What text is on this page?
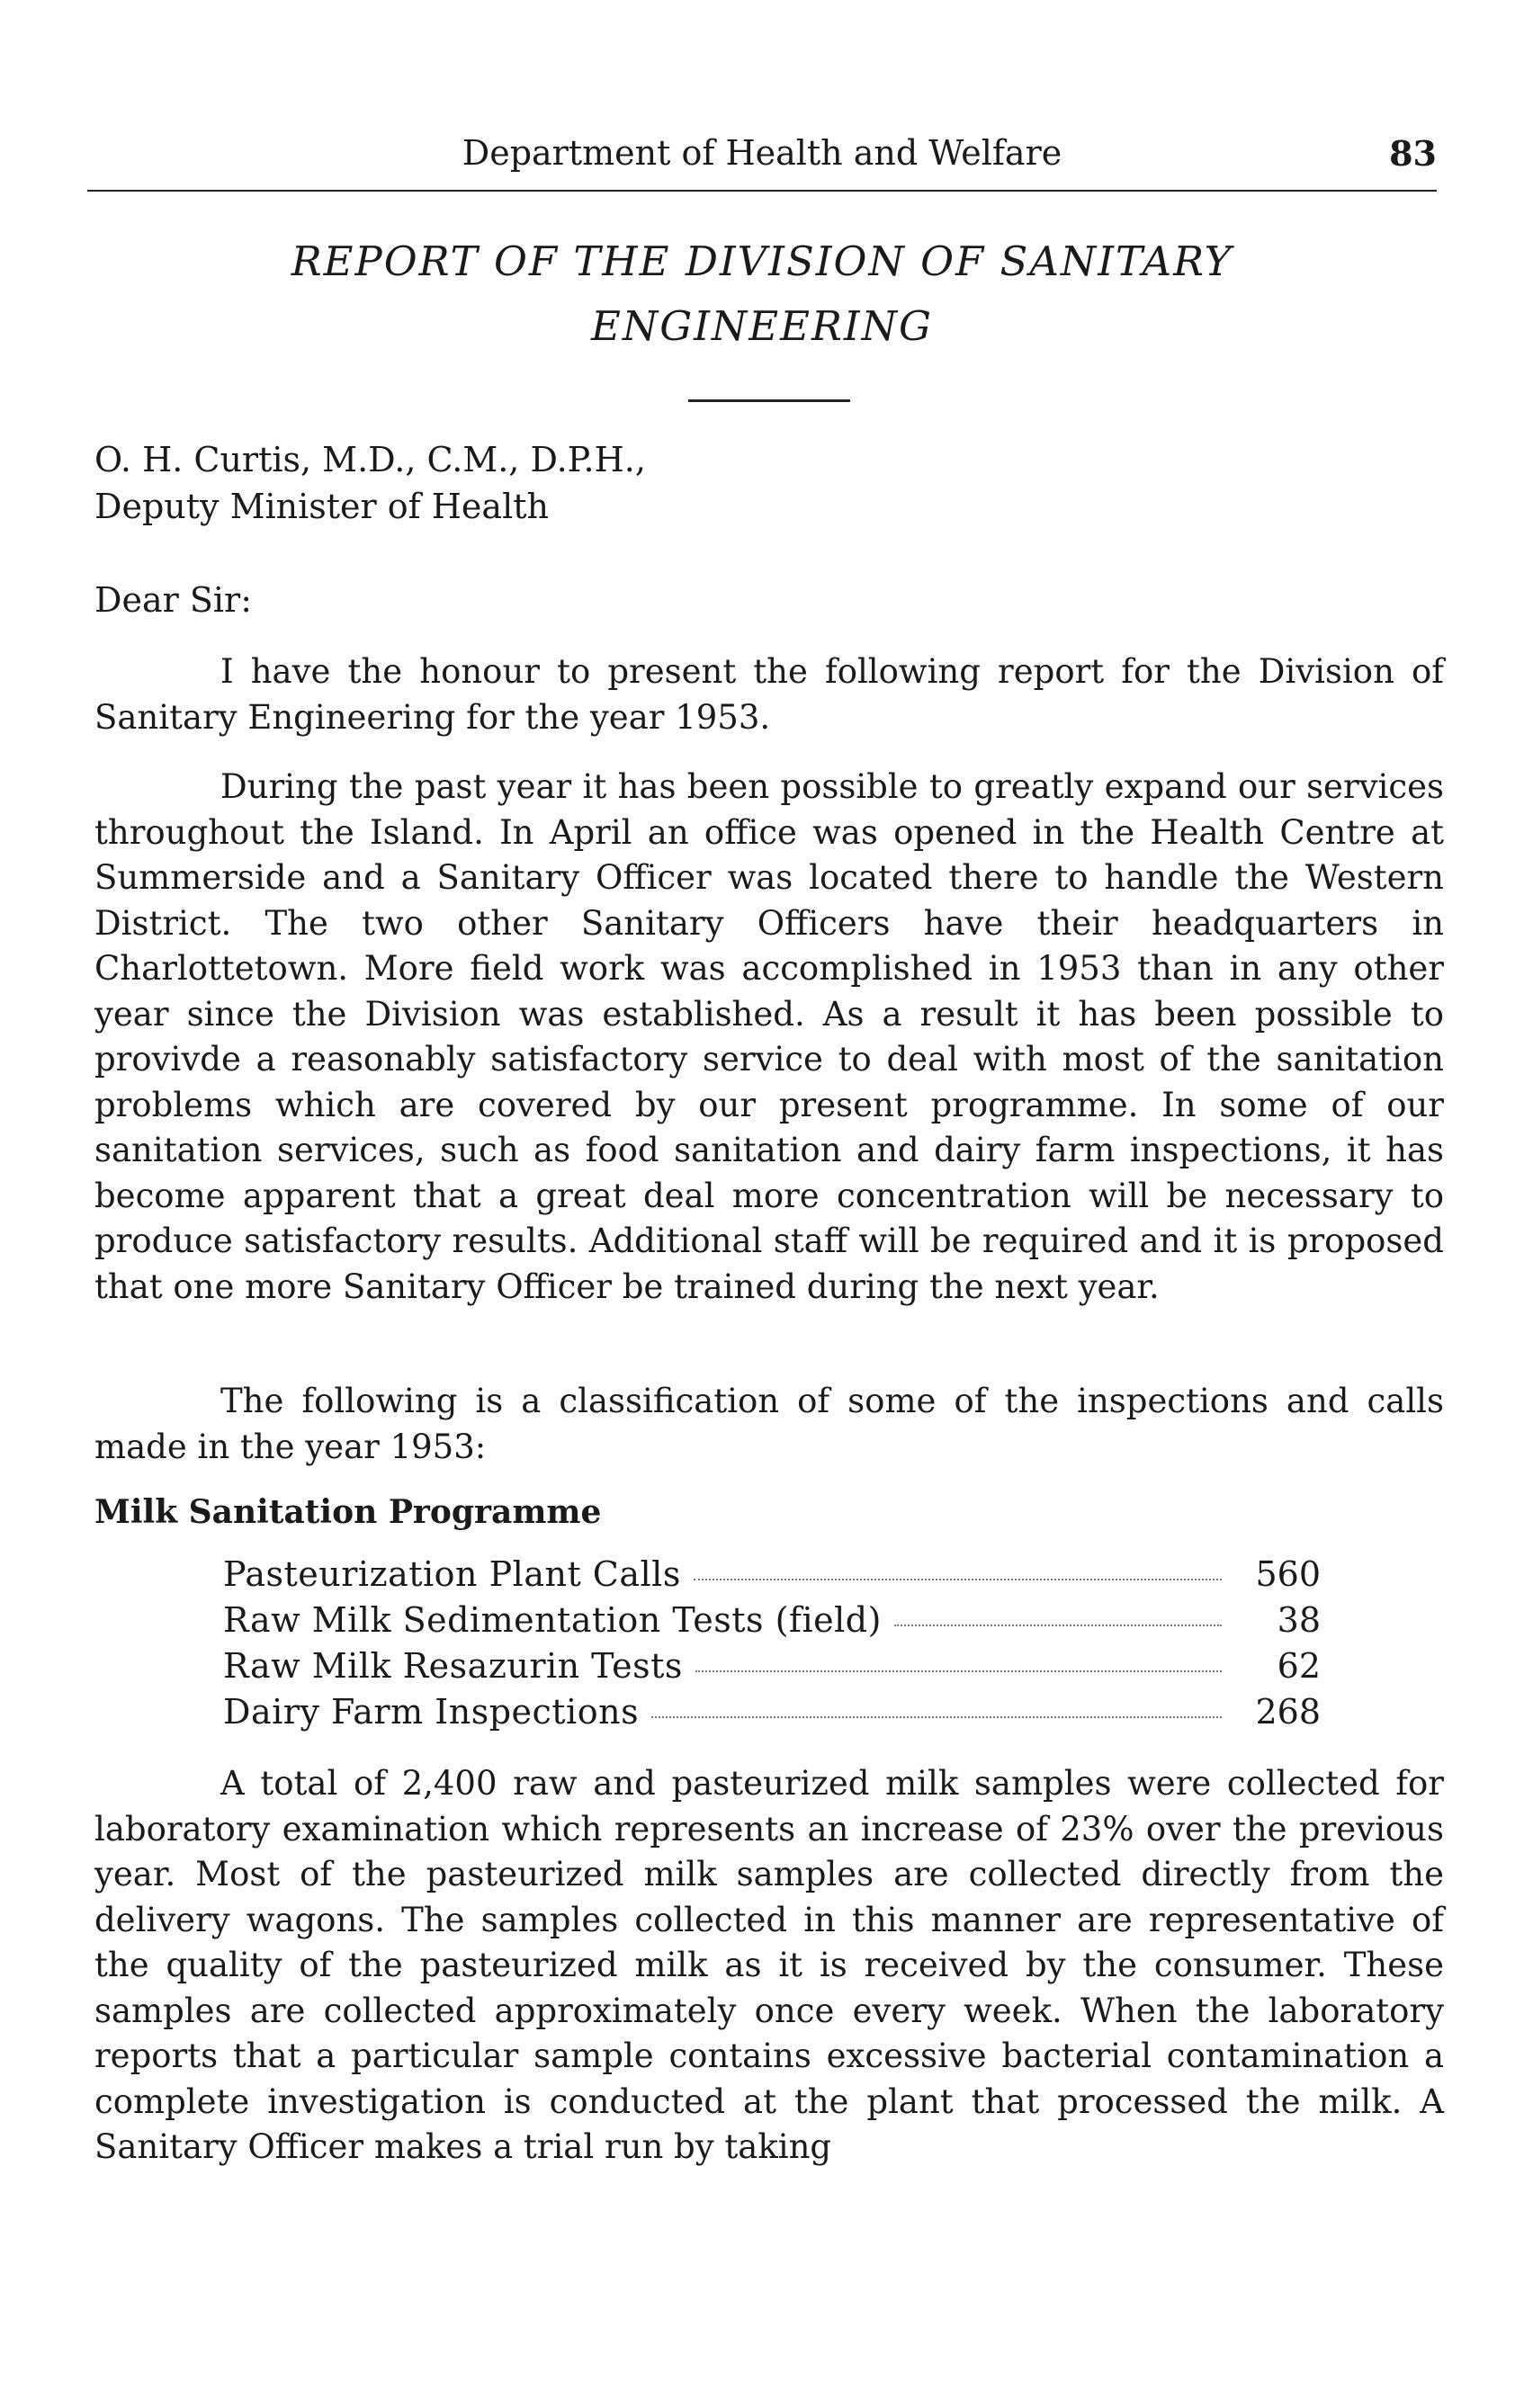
Department of Health and Welfare	83
REPORT OF THE DIVISION OF SANITARY
ENGINEERING
O. H. Curtis, M.D., C.M., D.P.H.,
Deputy Minister of Health
Dear Sir:

I have the honour to present the following report for the Division of Sanitary Engineering for the year 1953.

During the past year it has been possible to greatly expand our services throughout the Island. In April an office was opened in the Health Centre at Summerside and a Sanitary Officer was located there to handle the Western District. The two other Sanitary Officers have their headquarters in Charlottetown. More field work was accomplished in 1953 than in any other year since the Division was established. As a result it has been possible to provivde a reasonably satisfactory service to deal with most of the sanitation problems which are covered by our present programme. In some of our sanitation services, such as food sanitation and dairy farm inspections, it has become apparent that a great deal more concentration will be necessary to produce satisfactory results. Additional staff will be required and it is proposed that one more Sanitary Officer be trained during the next year.

The following is a classification of some of the inspections and calls made in the year 1953:

Milk Sanitation Programme
Pasteurization Plant Calls	560
Raw Milk Sedimentation Tests (field)	38
Raw Milk Resazurin Tests	62
Dairy Farm Inspections	268

A total of 2,400 raw and pasteurized milk samples were collected for laboratory examination which represents an increase of 23% over the previous year. Most of the pasteurized milk samples are collected directly from the delivery wagons. The samples collected in this manner are representative of the quality of the pasteurized milk as it is received by the consumer. These samples are collected approximately once every week. When the laboratory reports that a particular sample contains excessive bacterial contamination a complete investigation is conducted at the plant that processed the milk. A Sanitary Officer makes a trial run by taking
